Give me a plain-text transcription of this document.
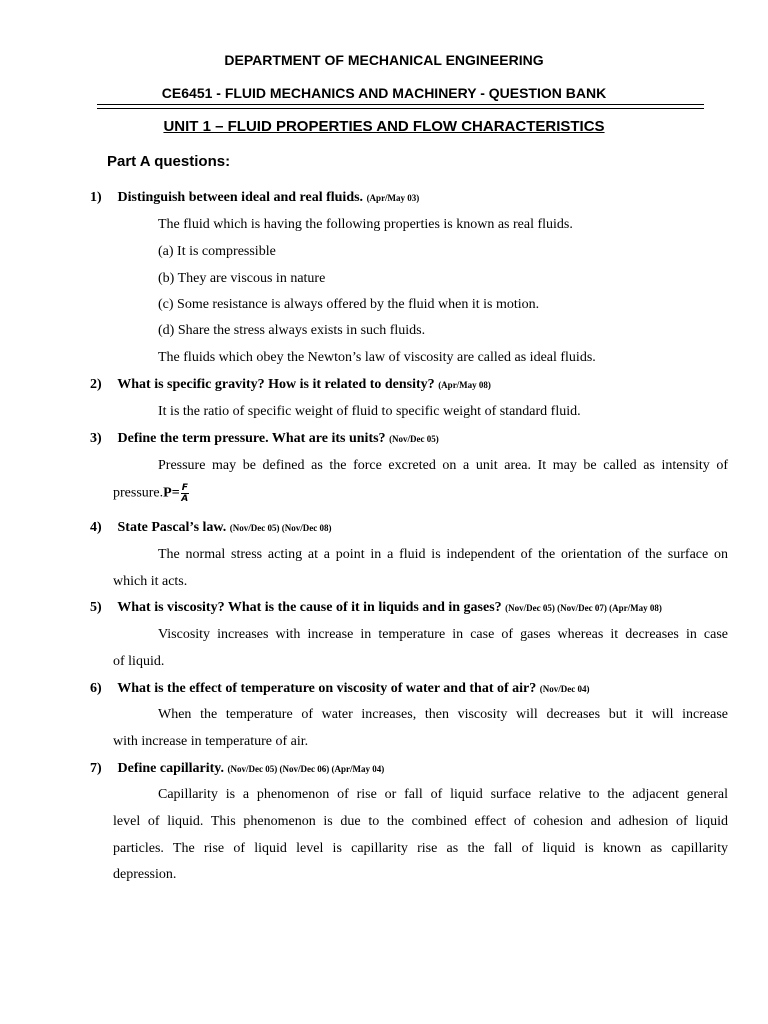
DEPARTMENT OF MECHANICAL ENGINEERING
CE6451 - FLUID MECHANICS AND MACHINERY - QUESTION BANK
UNIT 1 – FLUID PROPERTIES AND FLOW CHARACTERISTICS
Part A questions:
1) Distinguish between ideal and real fluids. (Apr/May 03)
The fluid which is having the following properties is known as real fluids.
(a) It is compressible
(b) They are viscous in nature
(c) Some resistance is always offered by the fluid when it is motion.
(d) Share the stress always exists in such fluids.
The fluids which obey the Newton’s law of viscosity are called as ideal fluids.
2) What is specific gravity? How is it related to density? (Apr/May 08)
It is the ratio of specific weight of fluid to specific weight of standard fluid.
3) Define the term pressure. What are its units? (Nov/Dec 05)
Pressure may be defined as the force excreted on a unit area. It may be called as intensity of
pressure.P= $\frac{F}{A}$
4) State Pascal’s law. (Nov/Dec 05) (Nov/Dec 08)
The normal stress acting at a point in a fluid is independent of the orientation of the surface on
which it acts.
5) What is viscosity? What is the cause of it in liquids and in gases? (Nov/Dec 05) (Nov/Dec 07) (Apr/May 08)
Viscosity increases with increase in temperature in case of gases whereas it decreases in case
of liquid.
6) What is the effect of temperature on viscosity of water and that of air? (Nov/Dec 04)
When the temperature of water increases, then viscosity will decreases but it will increase
with increase in temperature of air.
7) Define capillarity. (Nov/Dec 05) (Nov/Dec 06) (Apr/May 04)
Capillarity is a phenomenon of rise or fall of liquid surface relative to the adjacent general
level of liquid. This phenomenon is due to the combined effect of cohesion and adhesion of liquid
particles. The rise of liquid level is capillarity rise as the fall of liquid is known as capillarity
depression.
